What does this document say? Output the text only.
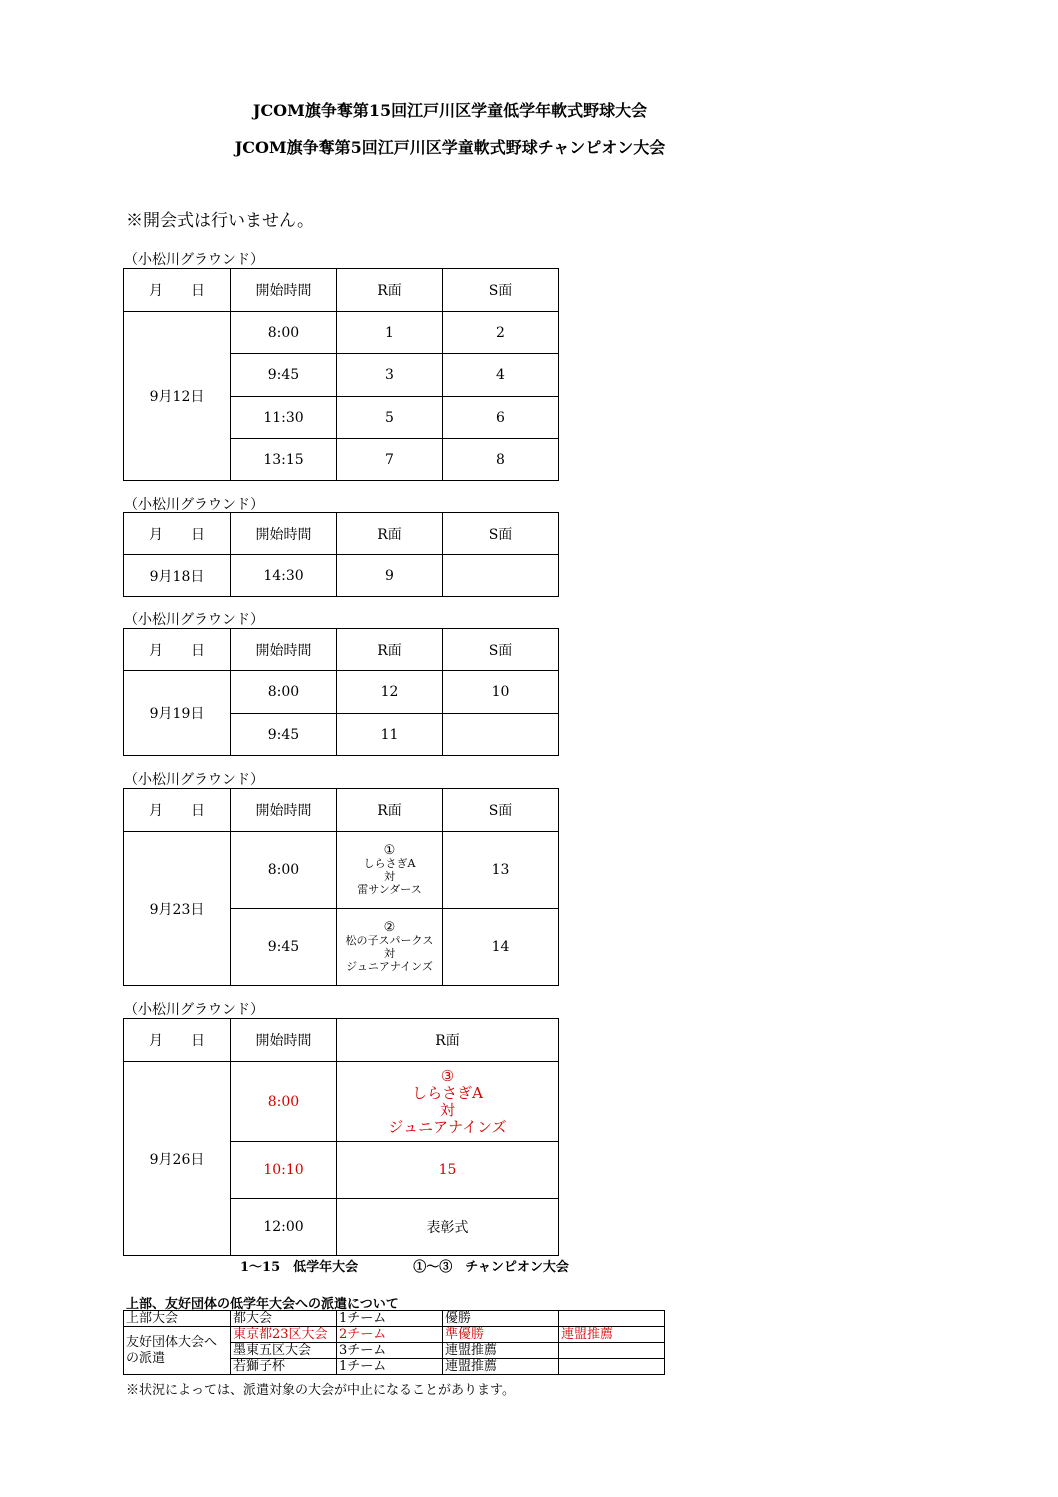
JCOM旗争奪第15回江戸川区学童低学年軟式野球大会
JCOM旗争奪第5回江戸川区学童軟式野球チャンピオン大会
※開会式は行いません。
（小松川グラウンド）
月　　日	開始時間	R面	S面
9月12日	8:00	1	2
	9:45	3	4
	11:30	5	6
	13:15	7	8
（小松川グラウンド）
月　　日	開始時間	R面	S面
9月18日	14:30	9	
（小松川グラウンド）
月　　日	開始時間	R面	S面
9月19日	8:00	12	10
	9:45	11	
（小松川グラウンド）
月　　日	開始時間	R面	S面
9月23日	8:00	①
しらさぎA
対
雷サンダース	13
	9:45	②
松の子スパークス
対
ジュニアナインズ	14
（小松川グラウンド）
月　　日	開始時間	R面
9月26日	8:00	③
しらさぎA
対
ジュニアナインズ

	10:10	15
	12:00	表彰式
1～15　低学年大会	①～③　チャンピオン大会
上部、友好団体の低学年大会への派遣について
上部大会	都大会	1チーム	優勝	
友好団体大会への派遣	東京都23区大会	2チーム	準優勝	連盟推薦
	墨東五区大会	3チーム	連盟推薦	
	若獅子杯	1チーム	連盟推薦	
※状況によっては、派遣対象の大会が中止になることがあります。
